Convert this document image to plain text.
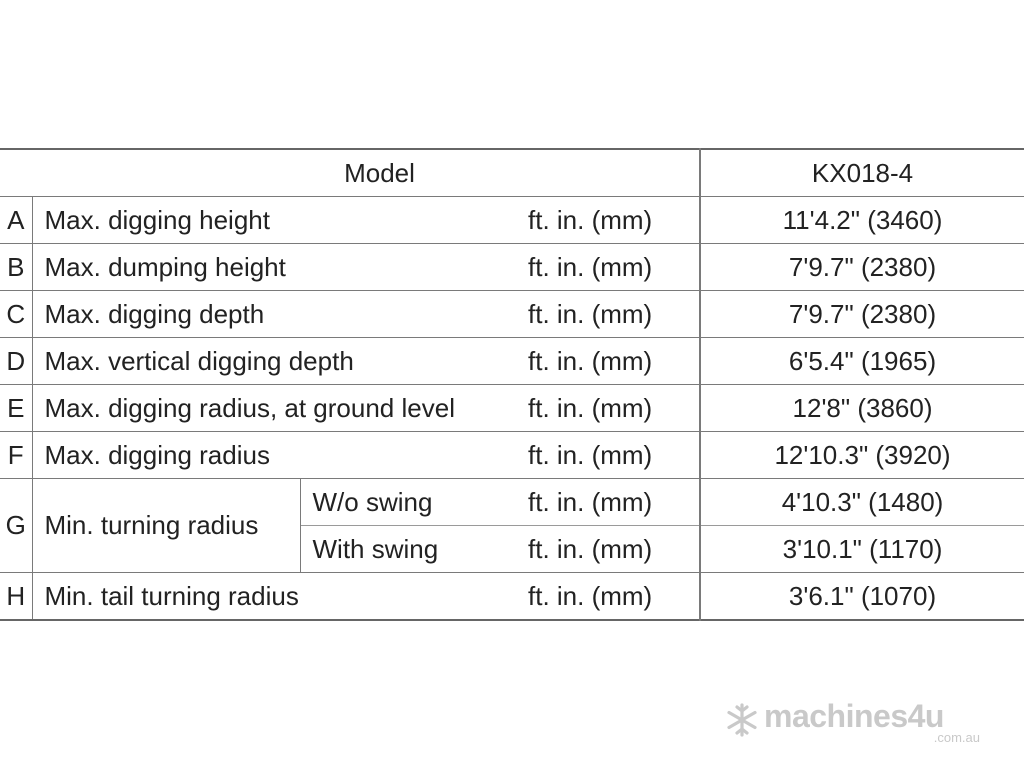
Model				KX018-4
A	Max. digging height		ft. in. (mm)	11'4.2" (3460)
B	Max. dumping height		ft. in. (mm)	7'9.7" (2380)
C	Max. digging depth		ft. in. (mm)	7'9.7" (2380)
D	Max. vertical digging depth		ft. in. (mm)	6'5.4" (1965)
E	Max. digging radius, at ground level		ft. in. (mm)	12'8" (3860)
F	Max. digging radius		ft. in. (mm)	12'10.3" (3920)
G	Min. turning radius	W/o swing	ft. in. (mm)	4'10.3" (1480)
		With swing	ft. in. (mm)	3'10.1" (1170)
H	Min. tail turning radius		ft. in. (mm)	3'6.1" (1070)
machines4u
.com.au
